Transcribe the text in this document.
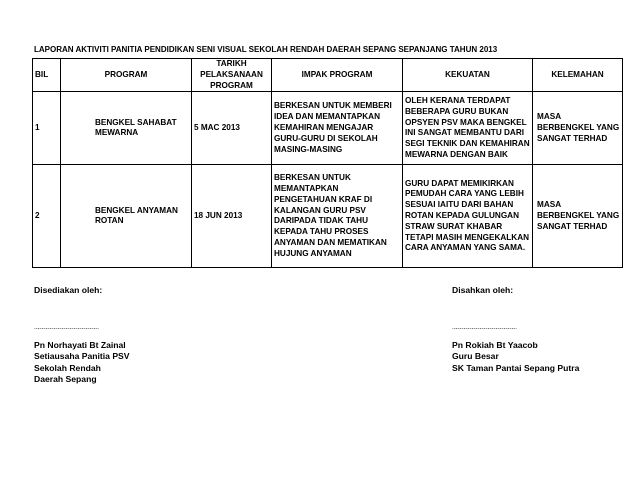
LAPORAN AKTIVITI PANITIA PENDIDIKAN SENI VISUAL SEKOLAH RENDAH DAERAH SEPANG SEPANJANG TAHUN 2013
BIL	PROGRAM	TARIKH PELAKSANAAN PROGRAM	IMPAK PROGRAM	KEKUATAN	KELEMAHAN
1	BENGKEL SAHABAT MEWARNA	5 MAC 2013	BERKESAN UNTUK MEMBERI IDEA DAN MEMANTAPKAN KEMAHIRAN MENGAJAR GURU-GURU DI SEKOLAH MASING-MASING	OLEH KERANA TERDAPAT BEBERAPA GURU BUKAN OPSYEN PSV MAKA BENGKEL INI SANGAT MEMBANTU DARI SEGI TEKNIK DAN KEMAHIRAN MEWARNA DENGAN BAIK	MASA BERBENGKEL YANG SANGAT TERHAD
2	BENGKEL ANYAMAN ROTAN	18 JUN 2013	BERKESAN UNTUK MEMANTAPKAN PENGETAHUAN KRAF DI KALANGAN GURU PSV DARIPADA TIDAK TAHU KEPADA TAHU PROSES ANYAMAN DAN MEMATIKAN HUJUNG ANYAMAN	GURU DAPAT MEMIKIRKAN PEMUDAH CARA YANG LEBIH SESUAI IAITU DARI BAHAN ROTAN KEPADA GULUNGAN STRAW SURAT KHABAR TETAPI MASIH MENGEKALKAN CARA ANYAMAN YANG SAMA.	MASA BERBENGKEL YANG SANGAT TERHAD
Disediakan oleh:
…………………………………………
Pn Norhayati Bt Zainal
Setiausaha Panitia PSV
Sekolah Rendah
Daerah Sepang
Disahkan oleh:
…………………………………………
Pn Rokiah Bt Yaacob
Guru Besar
SK Taman Pantai Sepang Putra
